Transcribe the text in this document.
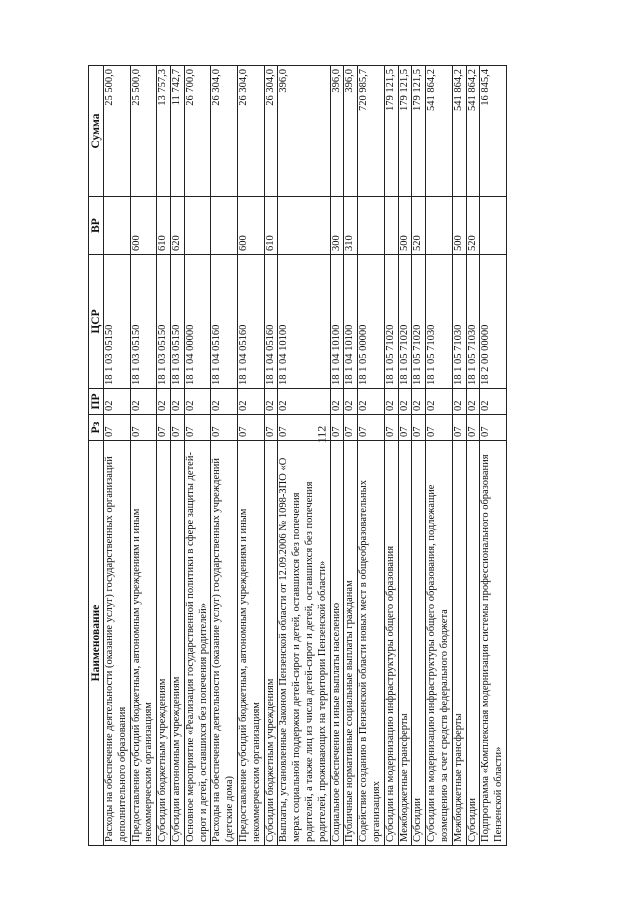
112
Наименование	Рз	ПР	ЦСР	ВР	Сумма
Расходы на обеспечение деятельности (оказание услуг) государственных организаций дополнительного образования	07	02	18 1 03 05150		25 500,0
Предоставление субсидий бюджетным, автономным учреждениям и иным некоммерческим организациям	07	02	18 1 03 05150	600	25 500,0
Субсидии бюджетным учреждениям	07	02	18 1 03 05150	610	13 757,3
Субсидии автономным учреждениям	07	02	18 1 03 05150	620	11 742,7
Основное мероприятие «Реализация государственной политики в сфере защиты детей-сирот и детей, оставшихся без попечения родителей»	07	02	18 1 04 00000		26 700,0
Расходы на обеспечение деятельности (оказание услуг) государственных учреждений (детские дома)	07	02	18 1 04 05160		26 304,0
Предоставление субсидий бюджетным, автономным учреждениям и иным некоммерческим организациям	07	02	18 1 04 05160	600	26 304,0
Субсидии бюджетным учреждениям	07	02	18 1 04 05160	610	26 304,0
Выплаты, установленные Законом Пензенской области от 12.09.2006 № 1098-ЗПО «О мерах социальной поддержки детей-сирот и детей, оставшихся без попечения родителей, а также лиц из числа детей-сирот и детей, оставшихся без попечения родителей, проживающих на территории Пензенской области»	07	02	18 1 04 10100		396,0
Социальное обеспечение и иные выплаты населению	07	02	18 1 04 10100	300	396,0
Публичные нормативные социальные выплаты гражданам	07	02	18 1 04 10100	310	396,0
Содействие созданию в Пензенской области новых мест в общеобразовательных организациях	07	02	18 1 05 00000		720 985,7
Субсидии на модернизацию инфраструктуры общего образования	07	02	18 1 05 71020		179 121,5
Межбюджетные трансферты	07	02	18 1 05 71020	500	179 121,5
Субсидии	07	02	18 1 05 71020	520	179 121,5
Субсидии на модернизацию инфраструктуры общего образования, подлежащие возмещению за счет средств федерального бюджета	07	02	18 1 05 71030		541 864,2
Межбюджетные трансферты	07	02	18 1 05 71030	500	541 864,2
Субсидии	07	02	18 1 05 71030	520	541 864,2
Подпрограмма «Комплексная модернизация системы профессионального образования Пензенской области»	07	02	18 2 00 00000		16 845,4
